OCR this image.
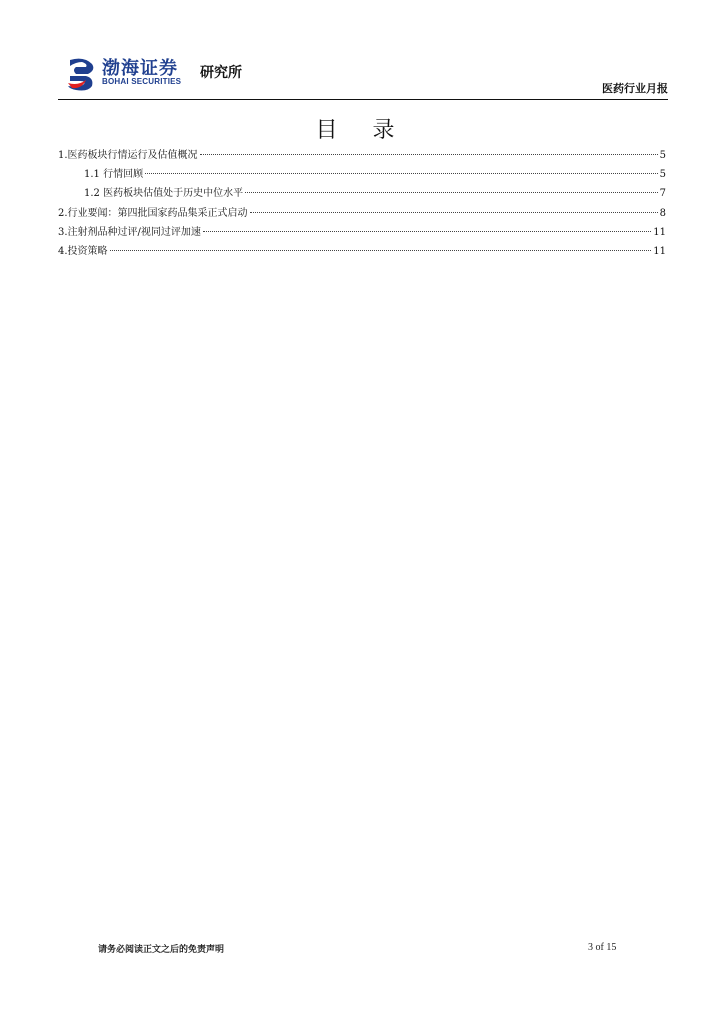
渤海证券
BOHAI SECURITIES
研究所
医药行业月报
目 录
1.医药板块行情运行及估值概况	5
1.1 行情回顾	5
1.2 医药板块估值处于历史中位水平	7
2.行业要闻：第四批国家药品集采正式启动	8
3.注射剂品种过评/视同过评加速	11
4.投资策略	11
请务必阅读正文之后的免责声明	3 of 15
